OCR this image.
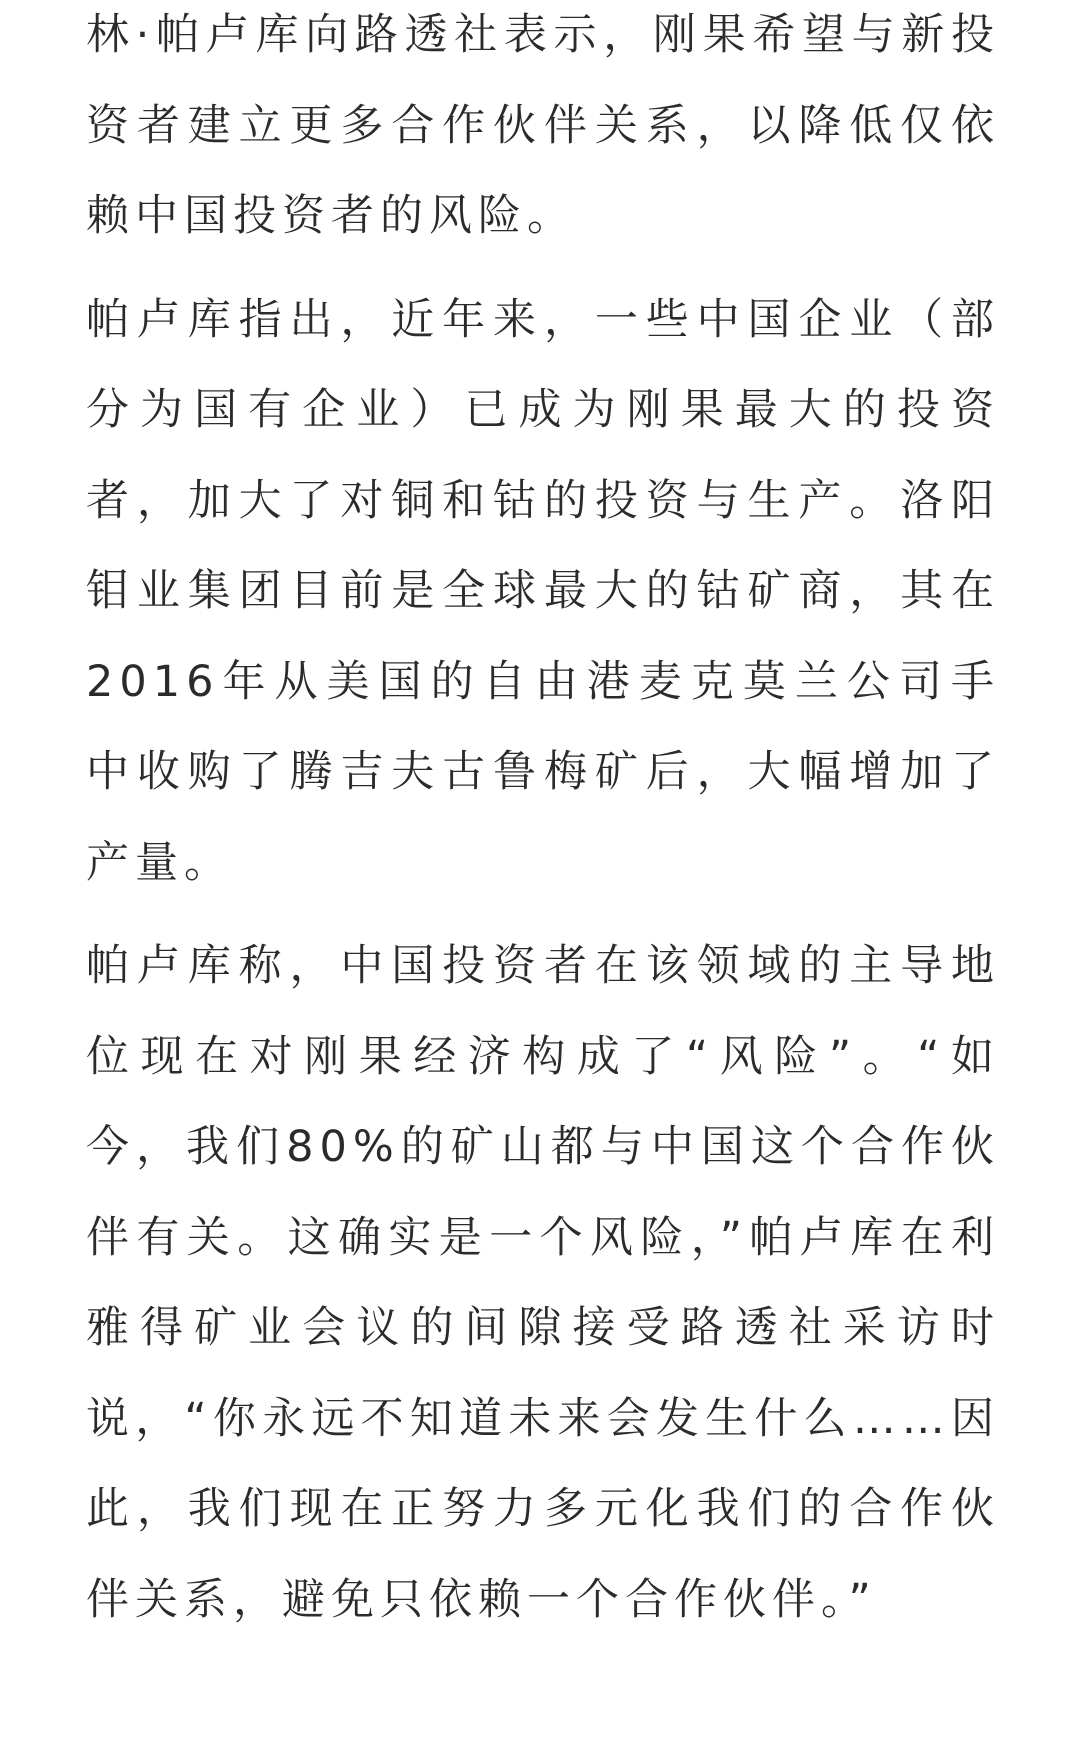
林·帕卢库向路透社表示，刚果希望与新投资者建立更多合作伙伴关系，以降低仅依赖中国投资者的风险。

帕卢库指出，近年来，一些中国企业（部分为国有企业）已成为刚果最大的投资者，加大了对铜和钴的投资与生产。洛阳钼业集团目前是全球最大的钴矿商，其在2016年从美国的自由港麦克莫兰公司手中收购了腾吉夫古鲁梅矿后，大幅增加了产量。

帕卢库称，中国投资者在该领域的主导地位现在对刚果经济构成了“风险”。“如今，我们80%的矿山都与中国这个合作伙伴有关。这确实是一个风险，”帕卢库在利雅得矿业会议的间隙接受路透社采访时说，“你永远不知道未来会发生什么……因此，我们现在正努力多元化我们的合作伙伴关系，避免只依赖一个合作伙伴。”
